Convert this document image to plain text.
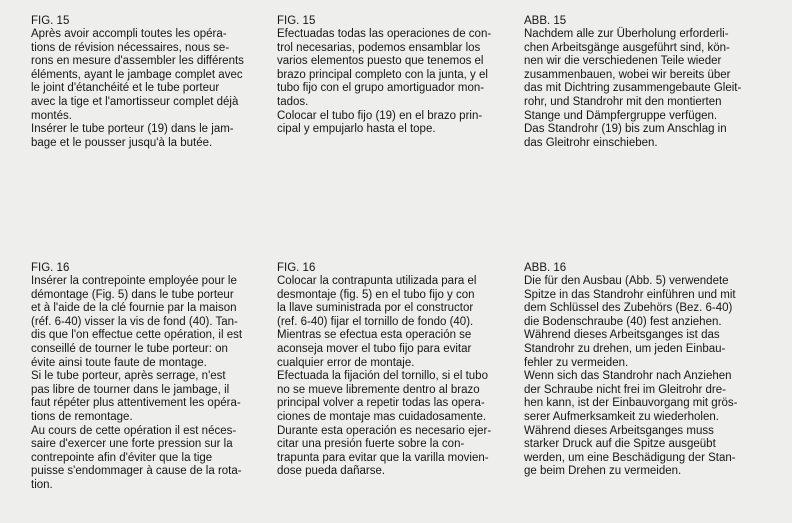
FIG. 15

Après avoir accompli toutes les opéra-
tions de révision nécessaires, nous se-
rons en mesure d'assembler les différents
éléments, ayant le jambage complet avec
le joint d'étanchéité et le tube porteur
avec la tige et l'amortisseur complet déjà
montés.

Insérer le tube porteur (19) dans le jam-
bage et le pousser jusqu'à la butée.

FIG. 15

Efectuadas todas las operaciones de con-
trol necesarias, podemos ensamblar los
varios elementos puesto que tenemos el
brazo principal completo con la junta, y el
tubo fijo con el grupo amortiguador mon-
tados.

Colocar el tubo fijo (19) en el brazo prin-
cipal y empujarlo hasta el tope.

ABB. 15

Nachdem alle zur Überholung erforderli-
chen Arbeitsgänge ausgeführt sind, kön-
nen wir die verschiedenen Teile wieder
zusammenbauen, wobei wir bereits über
das mit Dichtring zusammengebaute Gleit-
rohr, und Standrohr mit den montierten
Stange und Dämpfergruppe verfügen.

Das Standrohr (19) bis zum Anschlag in
das Gleitrohr einschieben.

FIG. 16

Insérer la contrepointe employée pour le
démontage (Fig. 5) dans le tube porteur
et à l'aide de la clé fournie par la maison
(réf. 6-40) visser la vis de fond (40). Tan-
dis que l'on effectue cette opération, il est
conseillé de tourner le tube porteur: on
évite ainsi toute faute de montage.

Si le tube porteur, après serrage, n'est
pas libre de tourner dans le jambage, il
faut répéter plus attentivement les opéra-
tions de remontage.

Au cours de cette opération il est néces-
saire d'exercer une forte pression sur la
contrepointe afin d'éviter que la tige
puisse s'endommager à cause de la rota-
tion.

FIG. 16

Colocar la contrapunta utilizada para el
desmontaje (fig. 5) en el tubo fijo y con
la llave suministrada por el constructor
(ref. 6-40) fijar el tornillo de fondo (40).
Mientras se efectua esta operación se
aconseja mover el tubo fijo para evitar
cualquier error de montaje.

Efectuada la fijación del tornillo, si el tubo
no se mueve libremente dentro al brazo
principal volver a repetir todas las opera-
ciones de montaje mas cuidadosamente.

Durante esta operación es necesario ejer-
citar una presión fuerte sobre la con-
trapunta para evitar que la varilla movien-
dose pueda dañarse.

ABB. 16

Die für den Ausbau (Abb. 5) verwendete
Spitze in das Standrohr einführen und mit
dem Schlüssel des Zubehörs (Bez. 6-40)
die Bodenschraube (40) fest anziehen.
Während dieses Arbeitsganges ist das
Standrohr zu drehen, um jeden Einbau-
fehler zu vermeiden.

Wenn sich das Standrohr nach Anziehen
der Schraube nicht frei im Gleitrohr dre-
hen kann, ist der Einbauvorgang mit grös-
serer Aufmerksamkeit zu wiederholen.

Während dieses Arbeitsganges muss
starker Druck auf die Spitze ausgeübt
werden, um eine Beschädigung der Stan-
ge beim Drehen zu vermeiden.
